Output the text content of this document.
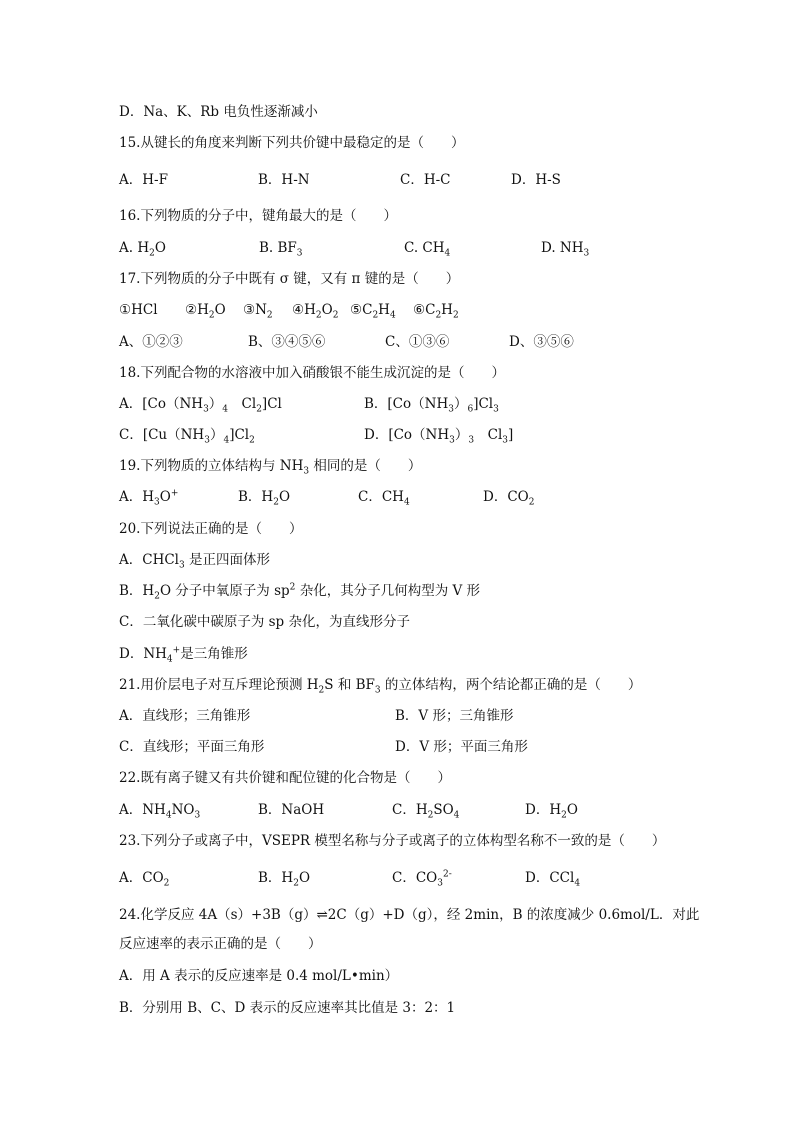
D．Na、K、Rb 电负性逐渐减小
15.从键长的角度来判断下列共价键中最稳定的是（　　）
A．H-F	B．H-N	C．H-C	D．H-S
16.下列物质的分子中，键角最大的是（　　）
A. $H_2O$	B. $BF_3$	C. $CH_4$	D. $NH_3$
17.下列物质的分子中既有 σ 键，又有 π 键的是（　　）
①HCl $②H_2O$ $③N_2$ $④H_2O_2$ $⑤C_2H_4$ $⑥C_2H_2$
A、①②③	B、③④⑤⑥	C、①③⑥	D、③⑤⑥
18.下列配合物的水溶液中加入硝酸银不能生成沉淀的是（　　）
A．[$Co(NH_3)_4$　$Cl_2]Cl$	B．$[Co(NH_3)_6]Cl_3$
C．$[Cu(NH_3)_4]Cl_2$	D．[$Co(NH_3)_3$　$Cl_3$]
19.下列物质的立体结构与 $NH_3$ 相同的是（　　）
A．$H_3O^+$	B．$H_2O$	C．$CH_4$	D．$CO_2$
20.下列说法正确的是（　　）
A．CHCl$_3$ 是正四面体形
B．$H_2O$ 分子中氧原子为 $sp^2$ 杂化，其分子几何构型为 V 形
C．二氧化碳中碳原子为 sp 杂化，为直线形分子
D．$NH_4^+$是三角锥形
21.用价层电子对互斥理论预测 $H_2S$ 和 $BF_3$ 的立体结构，两个结论都正确的是（　　）
A．直线形；三角锥形	B．V 形；三角锥形
C．直线形；平面三角形	D．V 形；平面三角形
22.既有离子键又有共价键和配位键的化合物是（　　）
A．$NH_4NO_3$	B．NaOH	C．$H_2SO_4$	D．$H_2O$
23.下列分子或离子中，VSEPR 模型名称与分子或离子的立体构型名称不一致的是（　　）
A．$CO_2$	B．$H_2O$	C．$CO_3^{2-}$	D．CCl$_4$
24.化学反应 4A（s）+3B（g）⇌2C（g）+D（g），经 2min，B 的浓度减少 0.6mol/L．对此
反应速率的表示正确的是（　　）
A．用 A 表示的反应速率是 0.4 mol/L•min）
B．分别用 B、C、D 表示的反应速率其比值是 3：2：1
